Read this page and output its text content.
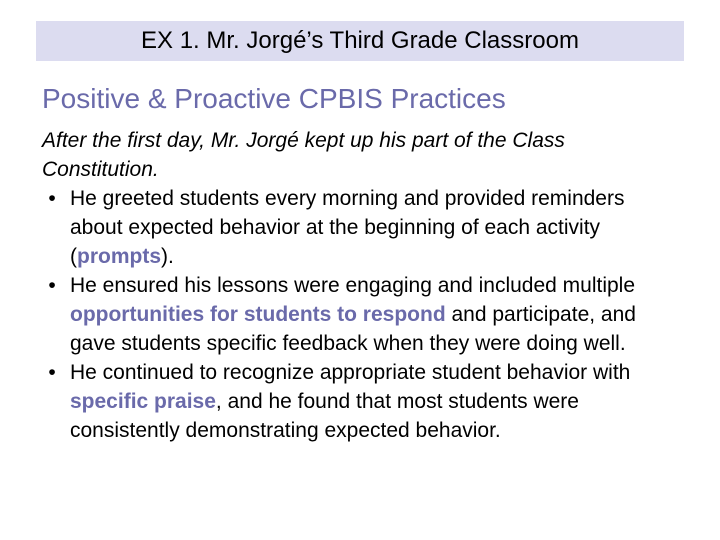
EX 1. Mr. Jorgé’s Third Grade Classroom
Positive & Proactive CPBIS Practices
After the first day, Mr. Jorgé kept up his part of the Class Constitution.
• He greeted students every morning and provided reminders about expected behavior at the beginning of each activity (prompts).
• He ensured his lessons were engaging and included multiple opportunities for students to respond and participate, and gave students specific feedback when they were doing well.
• He continued to recognize appropriate student behavior with specific praise, and he found that most students were consistently demonstrating expected behavior.
